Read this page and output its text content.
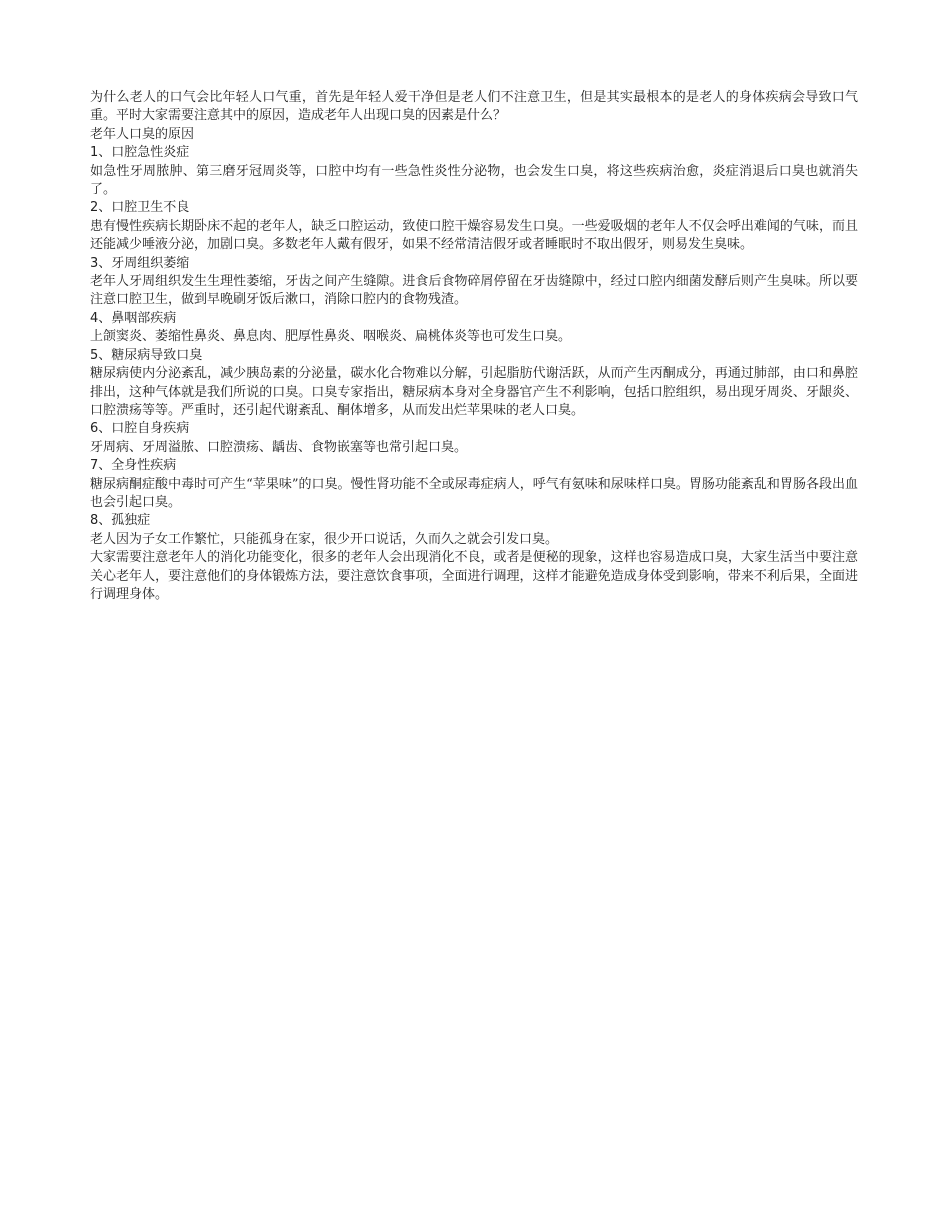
为什么老人的口气会比年轻人口气重，首先是年轻人爱干净但是老人们不注意卫生，但是其实最根本的是老人的身体疾病会导致口气重。平时大家需要注意其中的原因，造成老年人出现口臭的因素是什么？

老年人口臭的原因

1、口腔急性炎症

如急性牙周脓肿、第三磨牙冠周炎等，口腔中均有一些急性炎性分泌物，也会发生口臭，将这些疾病治愈，炎症消退后口臭也就消失了。

2、口腔卫生不良

患有慢性疾病长期卧床不起的老年人，缺乏口腔运动，致使口腔干燥容易发生口臭。一些爱吸烟的老年人不仅会呼出难闻的气味，而且还能减少唾液分泌，加剧口臭。多数老年人戴有假牙，如果不经常清洁假牙或者睡眠时不取出假牙，则易发生臭味。

3、牙周组织萎缩

老年人牙周组织发生生理性萎缩，牙齿之间产生缝隙。进食后食物碎屑停留在牙齿缝隙中，经过口腔内细菌发酵后则产生臭味。所以要注意口腔卫生，做到早晚刷牙饭后漱口，消除口腔内的食物残渣。

4、鼻咽部疾病

上颌窦炎、萎缩性鼻炎、鼻息肉、肥厚性鼻炎、咽喉炎、扁桃体炎等也可发生口臭。

5、糖尿病导致口臭

糖尿病使内分泌紊乱，减少胰岛素的分泌量，碳水化合物难以分解，引起脂肪代谢活跃，从而产生丙酮成分，再通过肺部，由口和鼻腔排出，这种气体就是我们所说的口臭。口臭专家指出，糖尿病本身对全身器官产生不利影响，包括口腔组织，易出现牙周炎、牙龈炎、口腔溃疡等等。严重时，还引起代谢紊乱、酮体增多，从而发出烂苹果味的老人口臭。

6、口腔自身疾病

牙周病、牙周溢脓、口腔溃疡、龋齿、食物嵌塞等也常引起口臭。

7、全身性疾病

糖尿病酮症酸中毒时可产生“苹果味”的口臭。慢性肾功能不全或尿毒症病人，呼气有氨味和尿味样口臭。胃肠功能紊乱和胃肠各段出血也会引起口臭。

8、孤独症

老人因为子女工作繁忙，只能孤身在家，很少开口说话，久而久之就会引发口臭。

大家需要注意老年人的消化功能变化，很多的老年人会出现消化不良，或者是便秘的现象，这样也容易造成口臭，大家生活当中要注意关心老年人，要注意他们的身体锻炼方法，要注意饮食事项，全面进行调理，这样才能避免造成身体受到影响，带来不利后果，全面进行调理身体。
